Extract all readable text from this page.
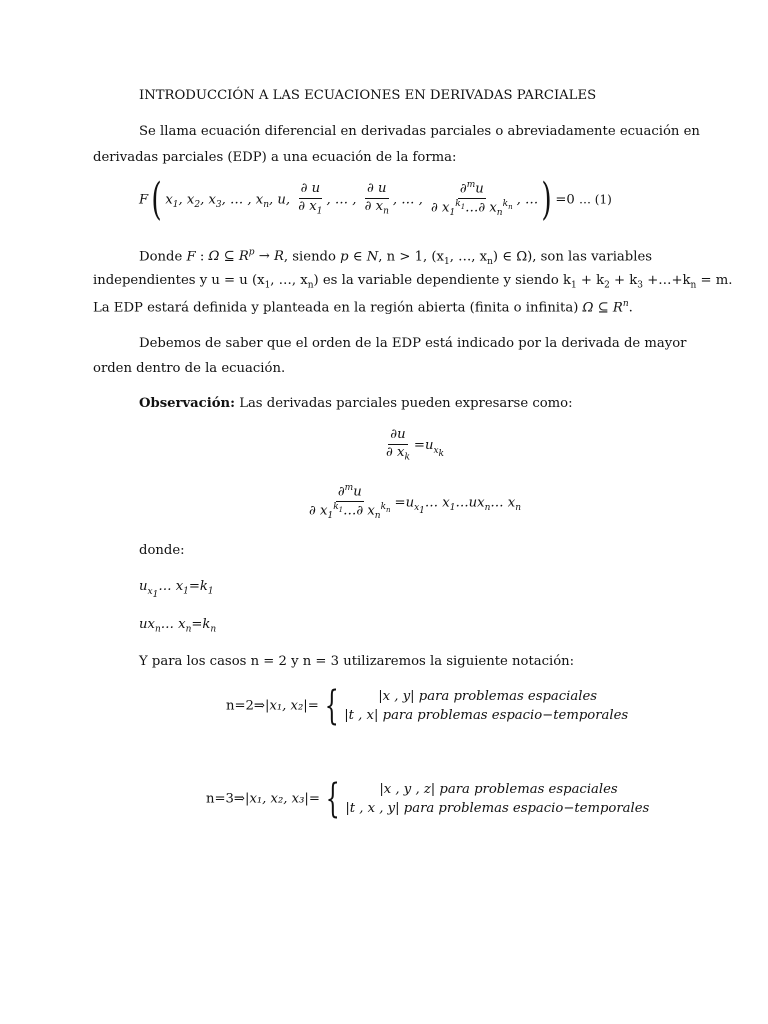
INTRODUCCIÓN A LAS ECUACIONES EN DERIVADAS PARCIALES
Se llama ecuación diferencial en derivadas parciales o abreviadamente ecuación en
derivadas parciales (EDP) a una ecuación de la forma:
F( $x_1$, $x_2$, $x_3$, … , $x_n$, u, $\frac{\partial u}{\partial x_1}$ , … , $\frac{\partial u}{\partial x_n}$ , … , $\frac{\partial^mu}{\partial x_1^{k_1}\dots\partial x_n^{k_n}}$ , …) =0 … (1)
Donde F : Ω ⊆ $R^p \to R$, siendo p ∈ N, n > 1, ($x_1$, …, $x_n$) ∈ Ω), son las variables
independientes y u = u ($x_1$, …, $x_n$) es la variable dependiente y siendo $k_1 + k_2 + k_3$ $+\dots+k_n = m$.
La EDP estará definida y planteada en la región abierta (finita o infinita) Ω ⊆ $R^n$.
Debemos de saber que el orden de la EDP está indicado por la derivada de mayor
orden dentro de la ecuación.
Observación: Las derivadas parciales pueden expresarse como:
$\frac{\partial u}{\partial x_k} =u_{x_k}$
$\frac{\partial^mu}{\partial x_1^{k_1}\dots\partial x_n^{k_n}}$ $=u_{x_1}\dots$ $x_1\dots ux_n\dots$ $x_n$
donde:
$u_{x_1}\dots$ $x_1=k_1$
$ux_n\dots$ $x_n=k_n$
Y para los casos n = 2 y n = 3 utilizaremos la siguiente notación:
n=2⇒|x₁, x₂|= {	|x , y| para problemas espaciales
|t , x| para problemas espacio−temporales
n=3⇒|x₁, x₂, x₃|= {	|x , y , z| para problemas espaciales
|t , x , y| para problemas espacio−temporales
